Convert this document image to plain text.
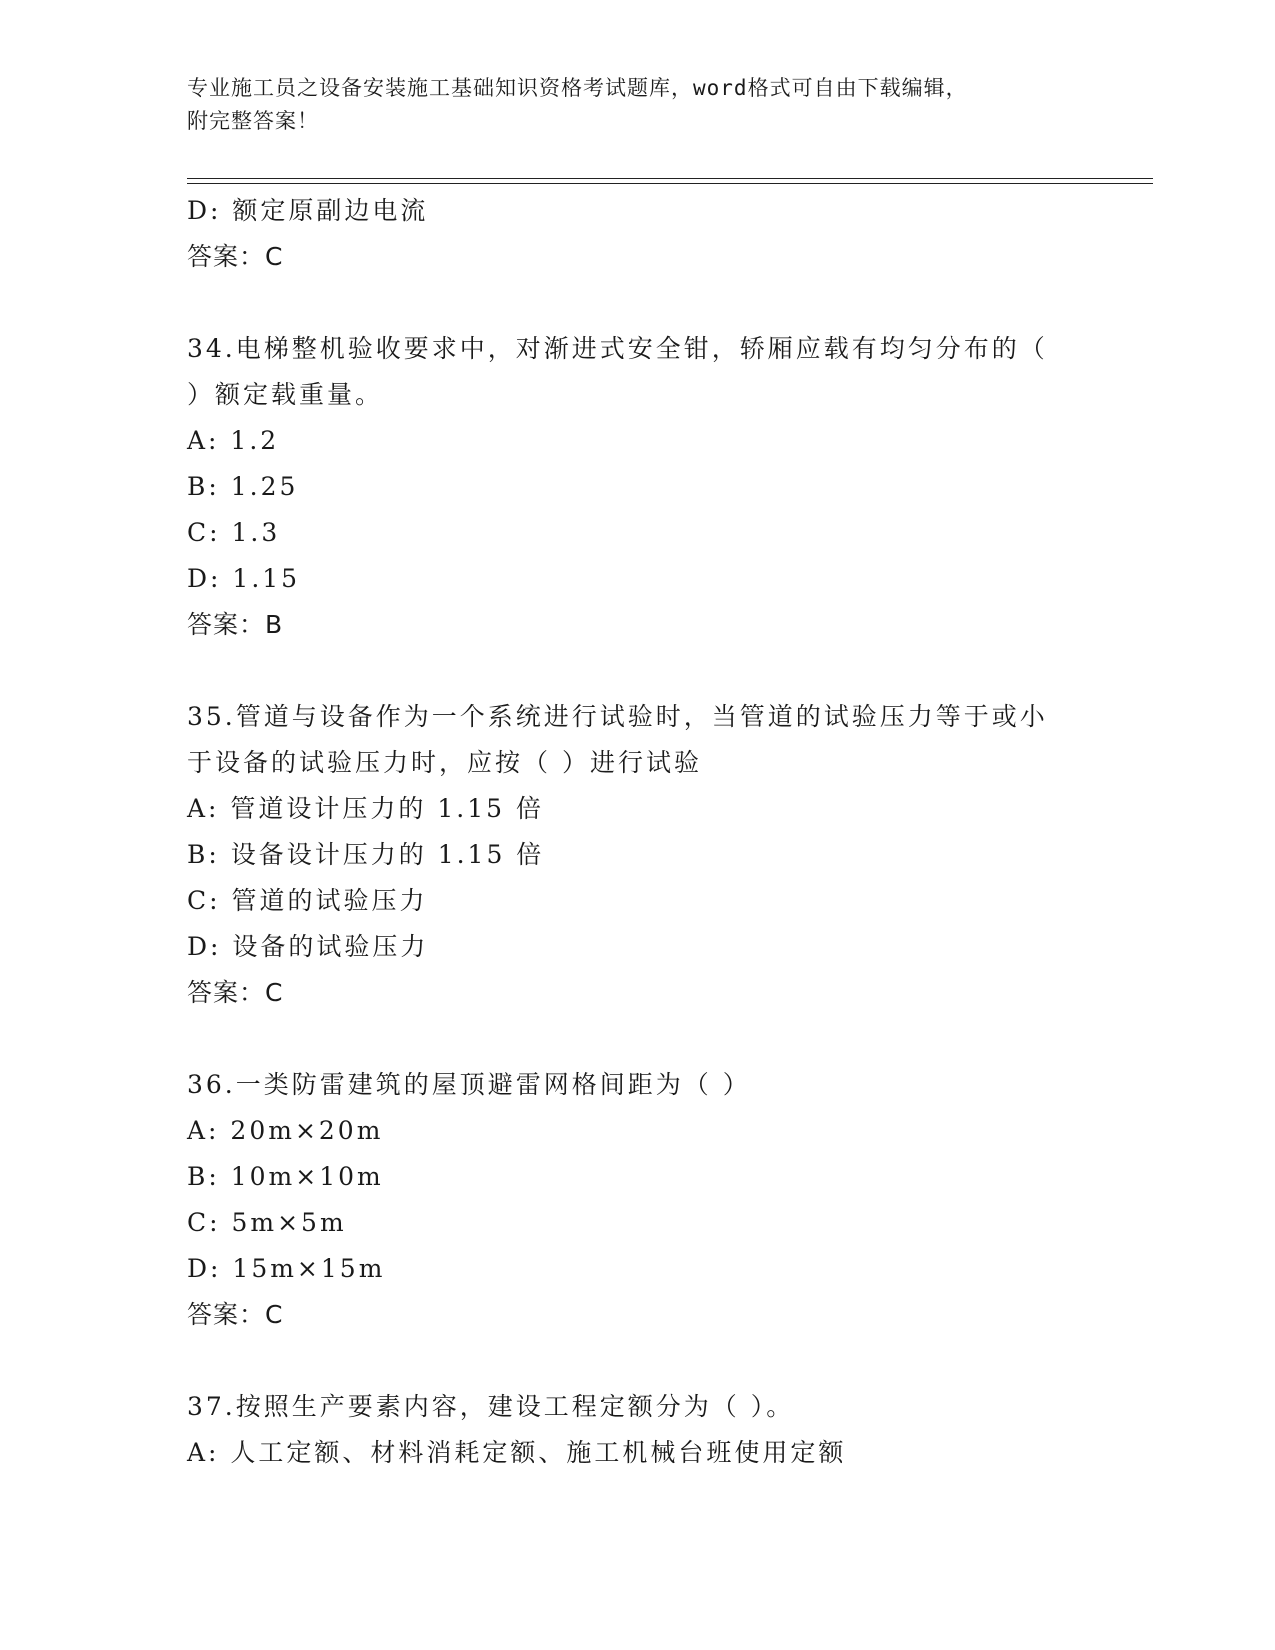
专业施工员之设备安装施工基础知识资格考试题库，word格式可自由下载编辑，
附完整答案！
D: 额定原副边电流
答案：C
34.电梯整机验收要求中，对渐进式安全钳，轿厢应载有均匀分布的（
）额定载重量。
A: 1.2
B: 1.25
C: 1.3
D: 1.15
答案：B
35.管道与设备作为一个系统进行试验时，当管道的试验压力等于或小
于设备的试验压力时，应按（ ）进行试验
A: 管道设计压力的 1.15 倍
B: 设备设计压力的 1.15 倍
C: 管道的试验压力
D: 设备的试验压力
答案：C
36.一类防雷建筑的屋顶避雷网格间距为（ ）
A: 20m×20m
B: 10m×10m
C: 5m×5m
D: 15m×15m
答案：C
37.按照生产要素内容，建设工程定额分为（ ）。
A: 人工定额、材料消耗定额、施工机械台班使用定额
